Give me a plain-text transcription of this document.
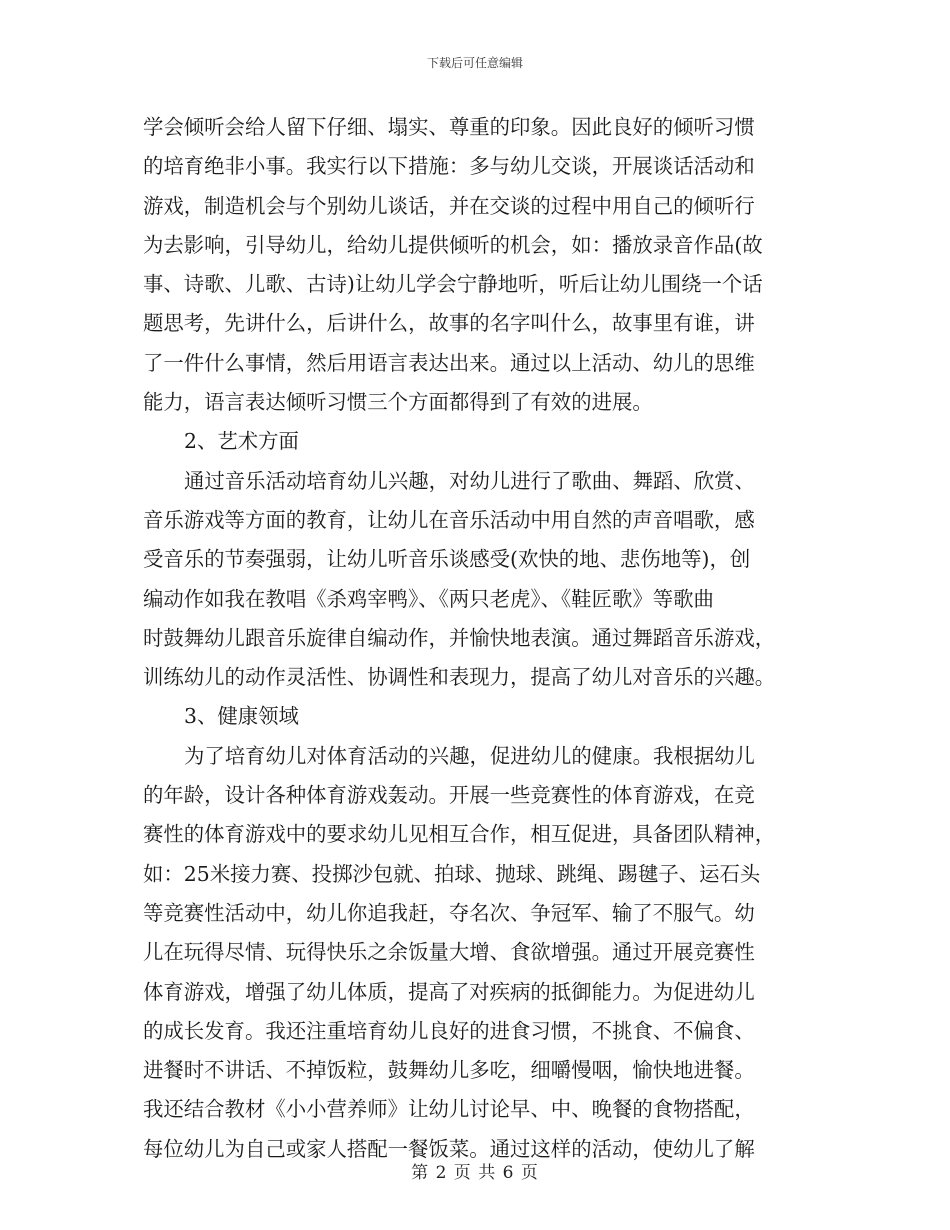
下载后可任意编辑
学会倾听会给人留下仔细、塌实、尊重的印象。因此良好的倾听习惯
的培育绝非小事。我实行以下措施：多与幼儿交谈，开展谈话活动和
游戏，制造机会与个别幼儿谈话，并在交谈的过程中用自己的倾听行
为去影响，引导幼儿，给幼儿提供倾听的机会，如：播放录音作品(故
事、诗歌、儿歌、古诗)让幼儿学会宁静地听，听后让幼儿围绕一个话
题思考，先讲什么，后讲什么，故事的名字叫什么，故事里有谁，讲
了一件什么事情，然后用语言表达出来。通过以上活动、幼儿的思维
能力，语言表达倾听习惯三个方面都得到了有效的进展。
2、艺术方面
通过音乐活动培育幼儿兴趣，对幼儿进行了歌曲、舞蹈、欣赏、
音乐游戏等方面的教育，让幼儿在音乐活动中用自然的声音唱歌，感
受音乐的节奏强弱，让幼儿听音乐谈感受(欢快的地、悲伤地等)，创
编动作如我在教唱《杀鸡宰鸭》、《两只老虎》、《鞋匠歌》等歌曲
时鼓舞幼儿跟音乐旋律自编动作，并愉快地表演。通过舞蹈音乐游戏，
训练幼儿的动作灵活性、协调性和表现力，提高了幼儿对音乐的兴趣。
3、健康领域
为了培育幼儿对体育活动的兴趣，促进幼儿的健康。我根据幼儿
的年龄，设计各种体育游戏轰动。开展一些竞赛性的体育游戏，在竞
赛性的体育游戏中的要求幼儿见相互合作，相互促进，具备团队精神，
如：25米接力赛、投掷沙包就、拍球、抛球、跳绳、踢毽子、运石头
等竞赛性活动中，幼儿你追我赶，夺名次、争冠军、输了不服气。幼
儿在玩得尽情、玩得快乐之余饭量大增、食欲增强。通过开展竞赛性
体育游戏，增强了幼儿体质，提高了对疾病的抵御能力。为促进幼儿
的成长发育。我还注重培育幼儿良好的进食习惯，不挑食、不偏食、
进餐时不讲话、不掉饭粒，鼓舞幼儿多吃，细嚼慢咽，愉快地进餐。
我还结合教材《小小营养师》让幼儿讨论早、中、晚餐的食物搭配，
每位幼儿为自己或家人搭配一餐饭菜。通过这样的活动，使幼儿了解
第 2 页 共 6 页
